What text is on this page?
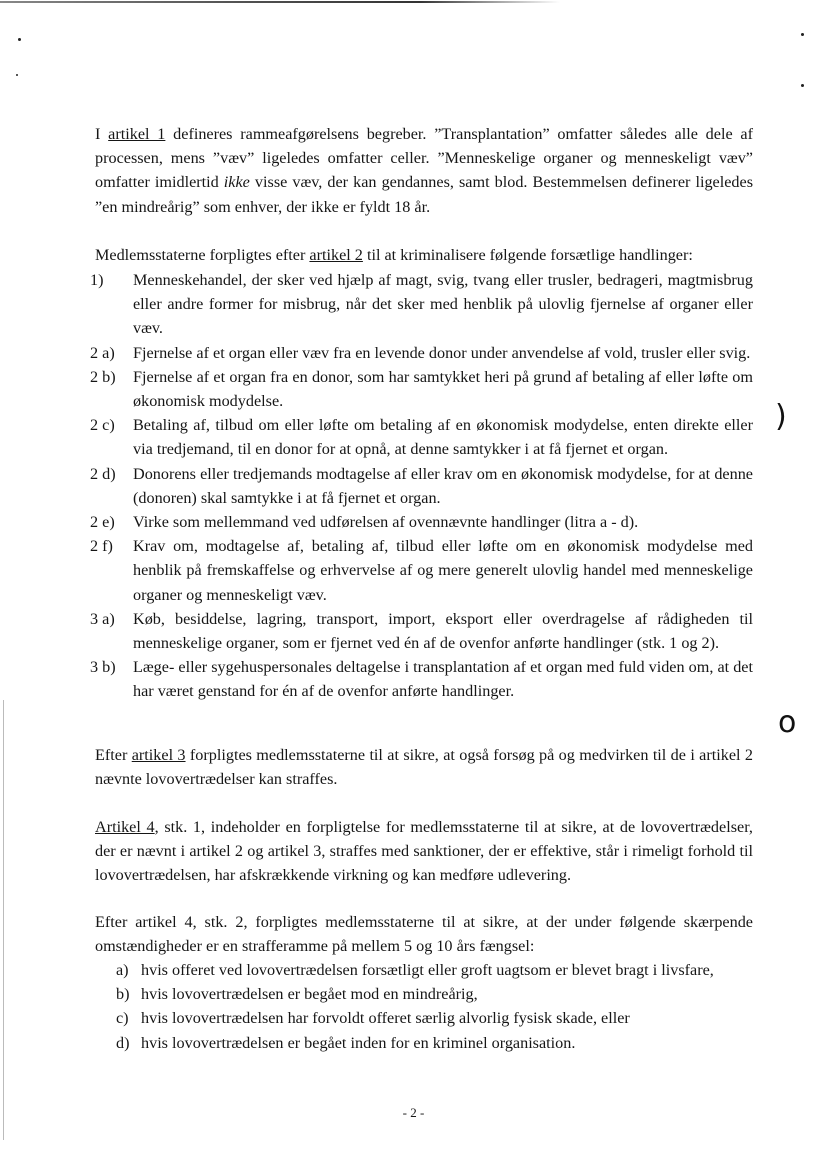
)
o

I artikel 1 defineres rammeafgørelsens begreber. ”Transplantation” omfatter således alle dele af processen, mens ”væv” ligeledes omfatter celler. ”Menneskelige organer og menneskeligt væv” omfatter imidlertid ikke visse væv, der kan gendannes, samt blod. Bestemmelsen definerer ligeledes ”en mindreårig” som enhver, der ikke er fyldt 18 år.

Medlemsstaterne forpligtes efter artikel 2 til at kriminalisere følgende forsætlige handlinger:

1) Menneskehandel, der sker ved hjælp af magt, svig, tvang eller trusler, bedrageri, magtmisbrug eller andre former for misbrug, når det sker med henblik på ulovlig fjernelse af organer eller væv.
2 a) Fjernelse af et organ eller væv fra en levende donor under anvendelse af vold, trusler eller svig.
2 b) Fjernelse af et organ fra en donor, som har samtykket heri på grund af betaling af eller løfte om økonomisk modydelse.
2 c) Betaling af, tilbud om eller løfte om betaling af en økonomisk modydelse, enten direkte eller via tredjemand, til en donor for at opnå, at denne samtykker i at få fjernet et organ.
2 d) Donorens eller tredjemands modtagelse af eller krav om en økonomisk modydelse, for at denne (donoren) skal samtykke i at få fjernet et organ.
2 e) Virke som mellemmand ved udførelsen af ovennævnte handlinger (litra a - d).
2 f) Krav om, modtagelse af, betaling af, tilbud eller løfte om en økonomisk modydelse med henblik på fremskaffelse og erhvervelse af og mere generelt ulovlig handel med menneskelige organer og menneskeligt væv.
3 a) Køb, besiddelse, lagring, transport, import, eksport eller overdragelse af rådigheden til menneskelige organer, som er fjernet ved én af de ovenfor anførte handlinger (stk. 1 og 2).
3 b) Læge- eller sygehuspersonales deltagelse i transplantation af et organ med fuld viden om, at det har været genstand for én af de ovenfor anførte handlinger.

Efter artikel 3 forpligtes medlemsstaterne til at sikre, at også forsøg på og medvirken til de i artikel 2 nævnte lovovertrædelser kan straffes.

Artikel 4, stk. 1, indeholder en forpligtelse for medlemsstaterne til at sikre, at de lovovertrædelser, der er nævnt i artikel 2 og artikel 3, straffes med sanktioner, der er effektive, står i rimeligt forhold til lovovertrædelsen, har afskrækkende virkning og kan medføre udlevering.

Efter artikel 4, stk. 2, forpligtes medlemsstaterne til at sikre, at der under følgende skærpende omstændigheder er en strafferamme på mellem 5 og 10 års fængsel:

a) hvis offeret ved lovovertrædelsen forsætligt eller groft uagtsom er blevet bragt i livsfare,
b) hvis lovovertrædelsen er begået mod en mindreårig,
c) hvis lovovertrædelsen har forvoldt offeret særlig alvorlig fysisk skade, eller
d) hvis lovovertrædelsen er begået inden for en kriminel organisation.
- 2 -
